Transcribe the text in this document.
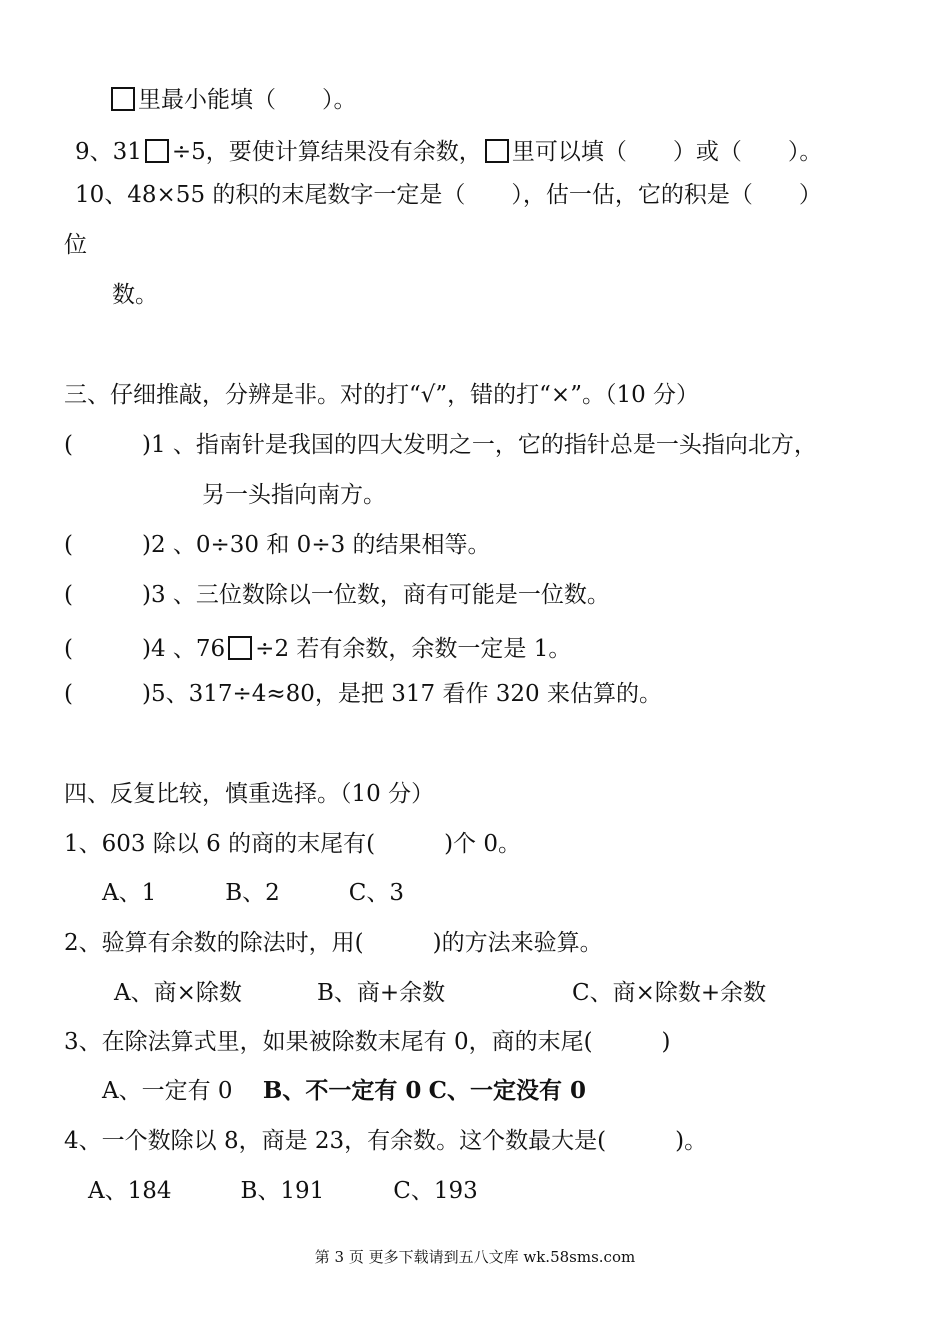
里最小能填（　　）。
9、31 ÷5，要使计算结果没有余数， 里可以填（　　）或（　　）。
10、48×55 的积的末尾数字一定是（　　），估一估，它的积是（　　）
位
数。
三、仔细推敲，分辨是非。对的打“√”，错的打“×”。（10 分）
(　　　)1 、指南针是我国的四大发明之一，它的指针总是一头指向北方，
另一头指向南方。
(　　　)2 、0÷30 和 0÷3 的结果相等。
(　　　)3 、三位数除以一位数，商有可能是一位数。
(　　　)4 、76 ÷2 若有余数，余数一定是 1。
(　　　)5、317÷4≈80，是把 317 看作 320 来估算的。
四、反复比较，慎重选择。（10 分）
1、603 除以 6 的商的末尾有(　　　)个 0。
A、1　　　B、2　　　C、3
2、验算有余数的除法时，用(　　　)的方法来验算。
A、商×除数	B、商+余数	C、商×除数+余数
3、在除法算式里，如果被除数末尾有 0，商的末尾(　　　)
A、一定有 0　 B、不一定有 0 C、一定没有 0
4、一个数除以 8，商是 23，有余数。这个数最大是(　　　)。
A、184　　　B、191　　　C、193
第 3 页 更多下载请到五八文库 wk.58sms.com
